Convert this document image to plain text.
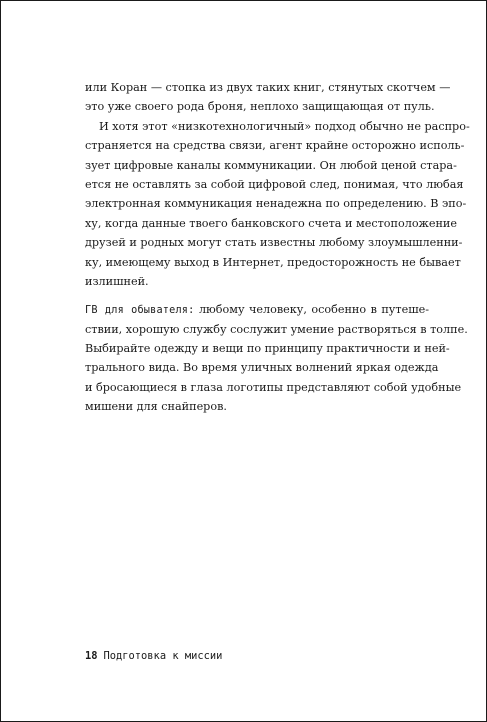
или Коран — стопка из двух таких книг, стянутых скотчем —
это уже своего рода броня, неплохо защищающая от пуль.
И хотя этот «низкотехнологичный» подход обычно не распро-
страняется на средства связи, агент крайне осторожно исполь-
зует цифровые каналы коммуникации. Он любой ценой стара-
ется не оставлять за собой цифровой след, понимая, что любая
электронная коммуникация ненадежна по определению. В эпо-
ху, когда данные твоего банковского счета и местоположение
друзей и родных могут стать известны любому злоумышленни-
ку, имеющему выход в Интернет, предосторожность не бывает
излишней.
ГВ для обывателя: любому человеку, особенно в путеше-
ствии, хорошую службу сослужит умение растворяться в толпе.
Выбирайте одежду и вещи по принципу практичности и ней-
трального вида. Во время уличных волнений яркая одежда
и бросающиеся в глаза логотипы представляют собой удобные
мишени для снайперов.
18 Подготовка к миссии
